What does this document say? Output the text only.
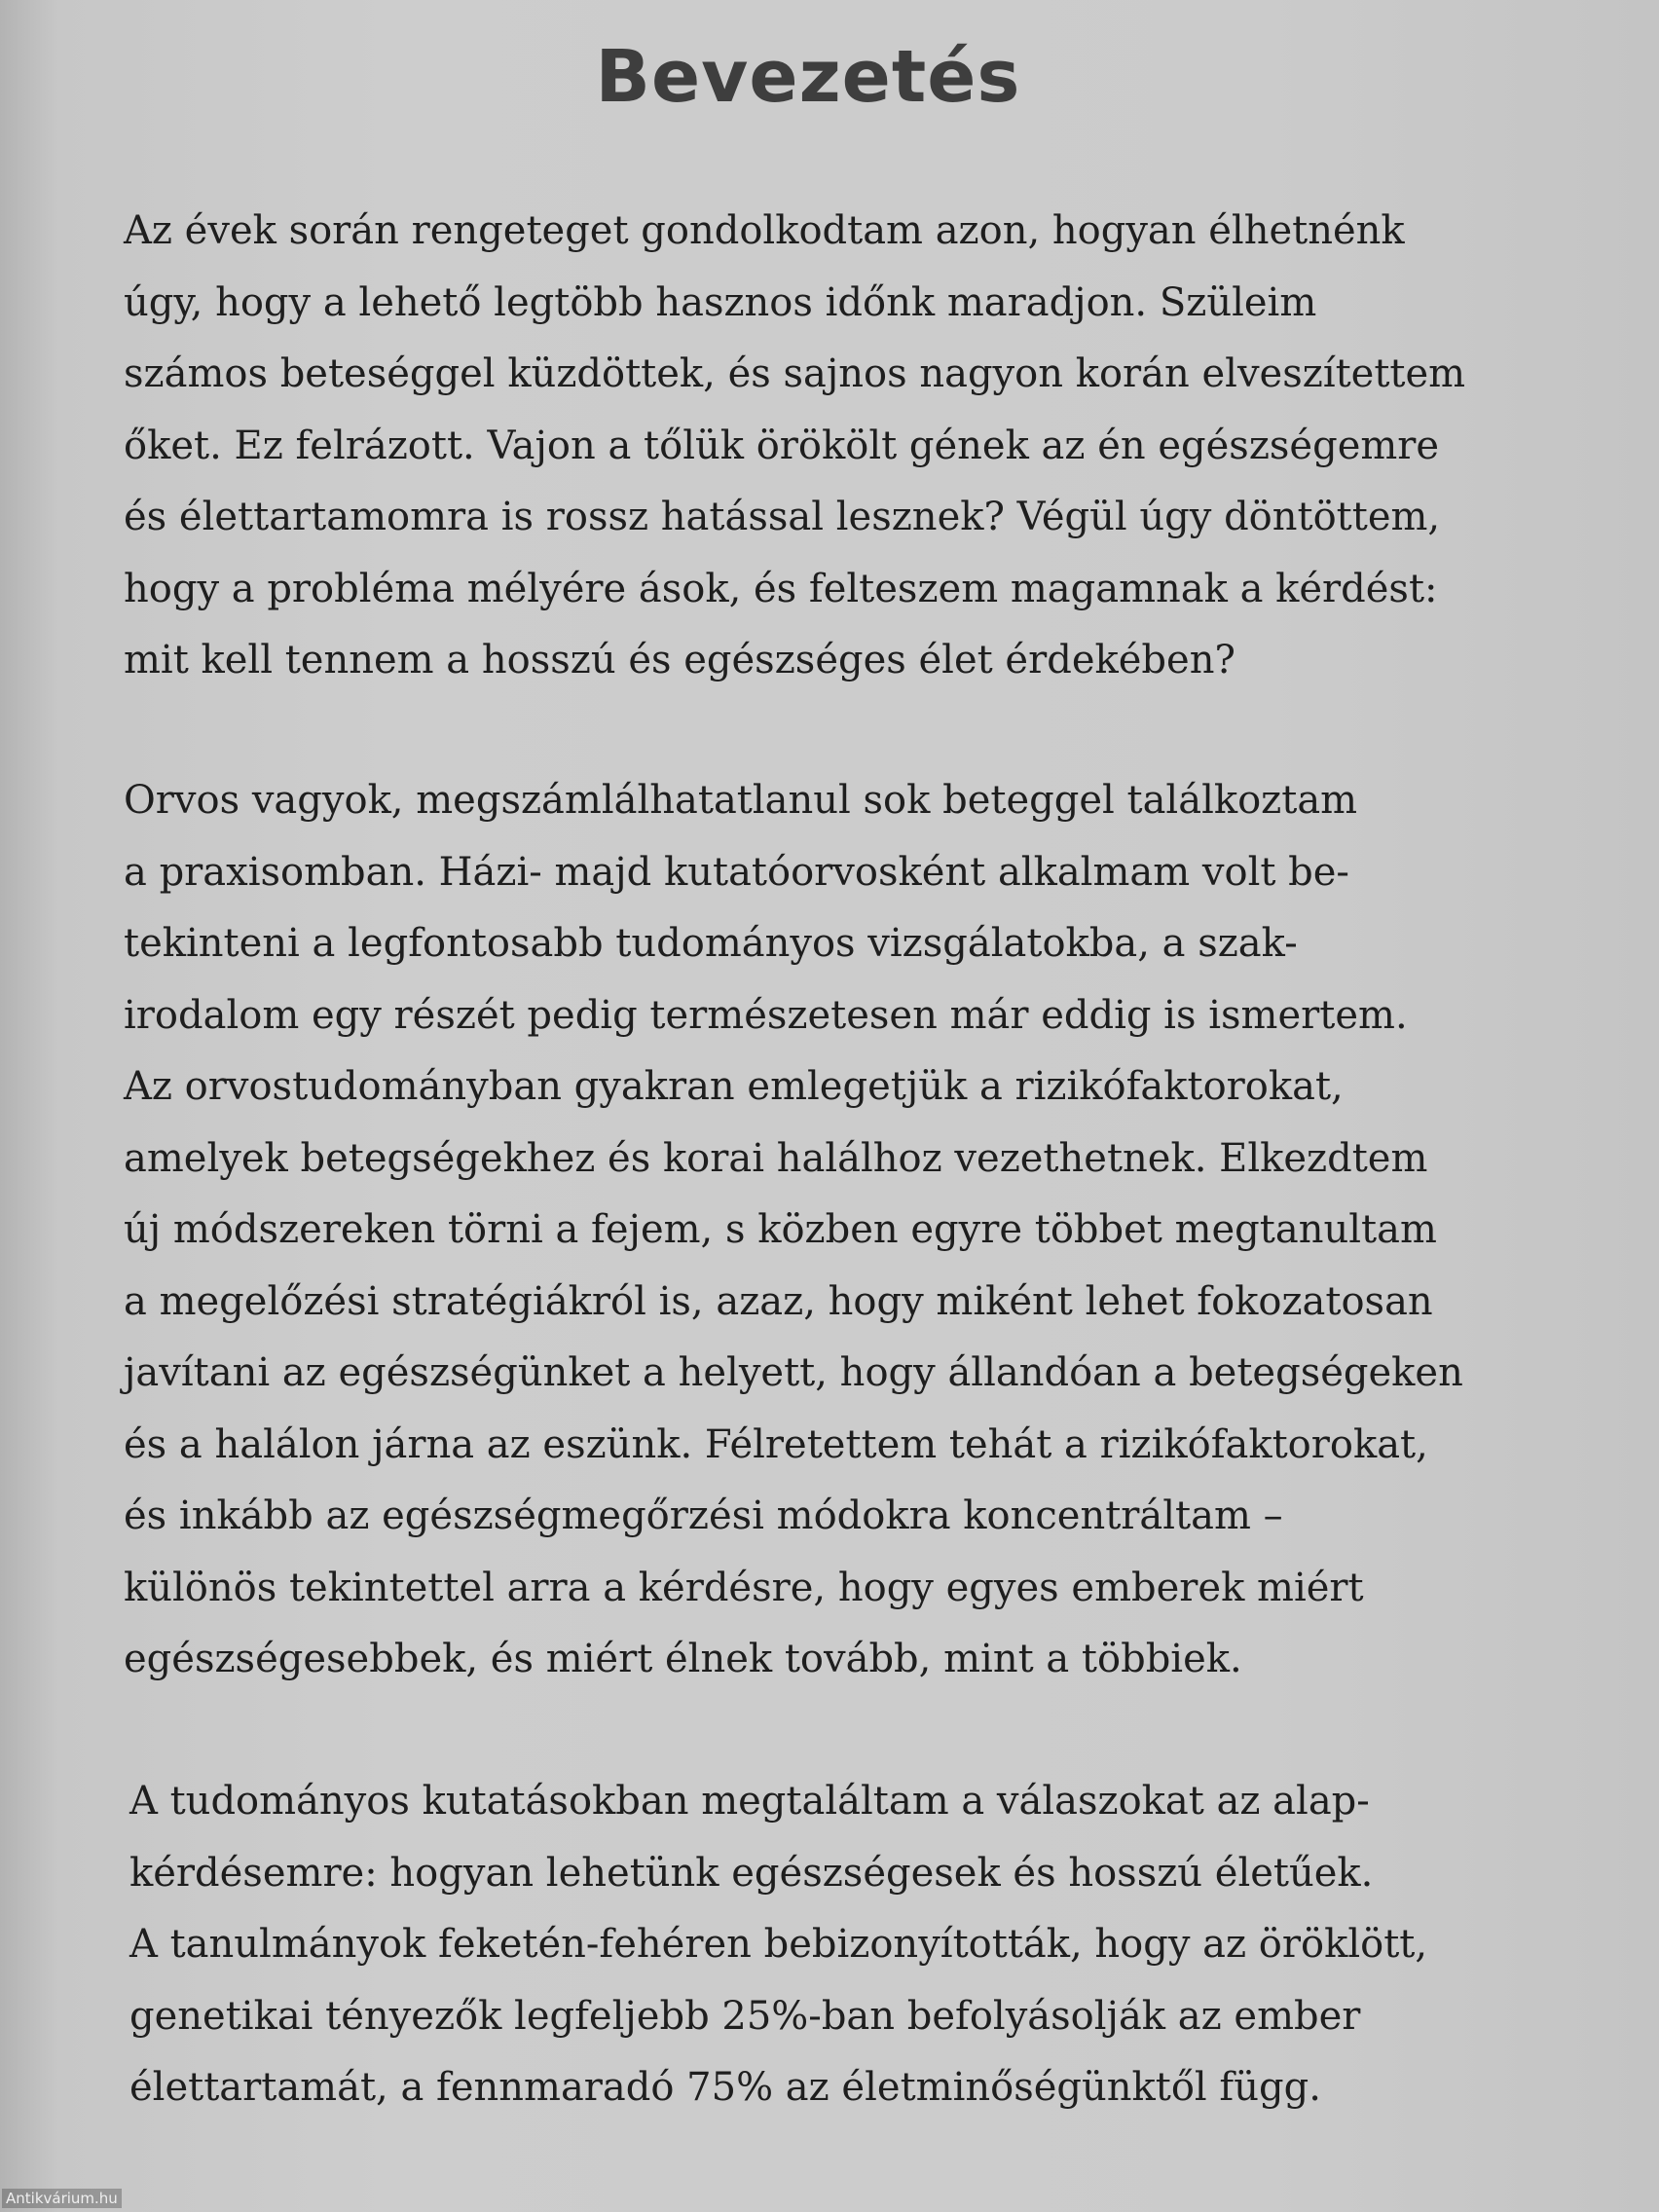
Bevezetés
Az évek során rengeteget gondolkodtam azon, hogyan élhetnénk
úgy, hogy a lehető legtöbb hasznos időnk maradjon. Szüleim
számos beteséggel küzdöttek, és sajnos nagyon korán elveszítettem
őket. Ez felrázott. Vajon a tőlük örökölt gének az én egészségemre
és élettartamomra is rossz hatással lesznek? Végül úgy döntöttem,
hogy a probléma mélyére ások, és felteszem magamnak a kérdést:
mit kell tennem a hosszú és egészséges élet érdekében?
Orvos vagyok, megszámlálhatatlanul sok beteggel találkoztam
a praxisomban. Házi- majd kutatóorvosként alkalmam volt be-
tekinteni a legfontosabb tudományos vizsgálatokba, a szak-
irodalom egy részét pedig természetesen már eddig is ismertem.
Az orvostudományban gyakran emlegetjük a rizikófaktorokat,
amelyek betegségekhez és korai halálhoz vezethetnek. Elkezdtem
új módszereken törni a fejem, s közben egyre többet megtanultam
a megelőzési stratégiákról is, azaz, hogy miként lehet fokozatosan
javítani az egészségünket a helyett, hogy állandóan a betegségeken
és a halálon járna az eszünk. Félretettem tehát a rizikófaktorokat,
és inkább az egészségmegőrzési módokra koncentráltam –
különös tekintettel arra a kérdésre, hogy egyes emberek miért
egészségesebbek, és miért élnek tovább, mint a többiek.
A tudományos kutatásokban megtaláltam a válaszokat az alap-
kérdésemre: hogyan lehetünk egészségesek és hosszú életűek.
A tanulmányok feketén-fehéren bebizonyították, hogy az öröklött,
genetikai tényezők legfeljebb 25%-ban befolyásolják az ember
élettartamát, a fennmaradó 75% az életminőségünktől függ.
Antikvárium.hu
